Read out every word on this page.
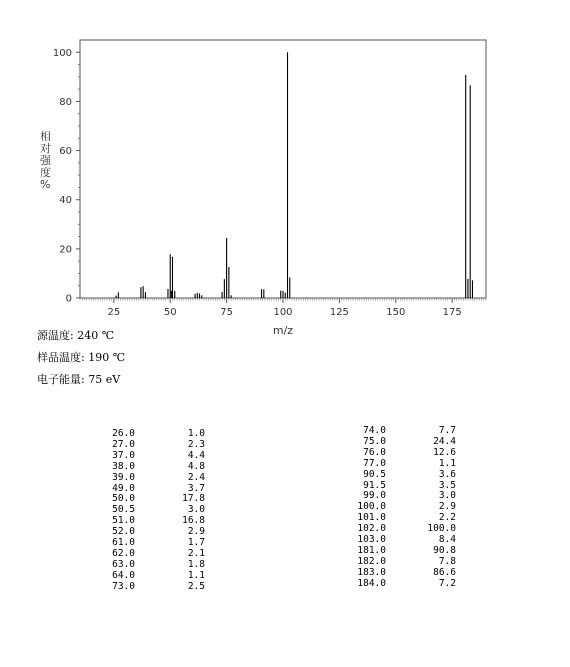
0
20
40
60
80
100
25	50	75	100	125	150	175
m/z
相对强度%
源温度: 240 ℃
样品温度: 190 ℃
电子能量: 75 eV
26.0	1.0
27.0	2.3
37.0	4.4
38.0	4.8
39.0	2.4
49.0	3.7
50.0	17.8
50.5	3.0
51.0	16.8
52.0	2.9
61.0	1.7
62.0	2.1
63.0	1.8
64.0	1.1
73.0	2.5
74.0	7.7
75.0	24.4
76.0	12.6
77.0	1.1
90.5	3.6
91.5	3.5
99.0	3.0
100.0	2.9
101.0	2.2
102.0	100.0
103.0	8.4
181.0	90.8
182.0	7.8
183.0	86.6
184.0	7.2
